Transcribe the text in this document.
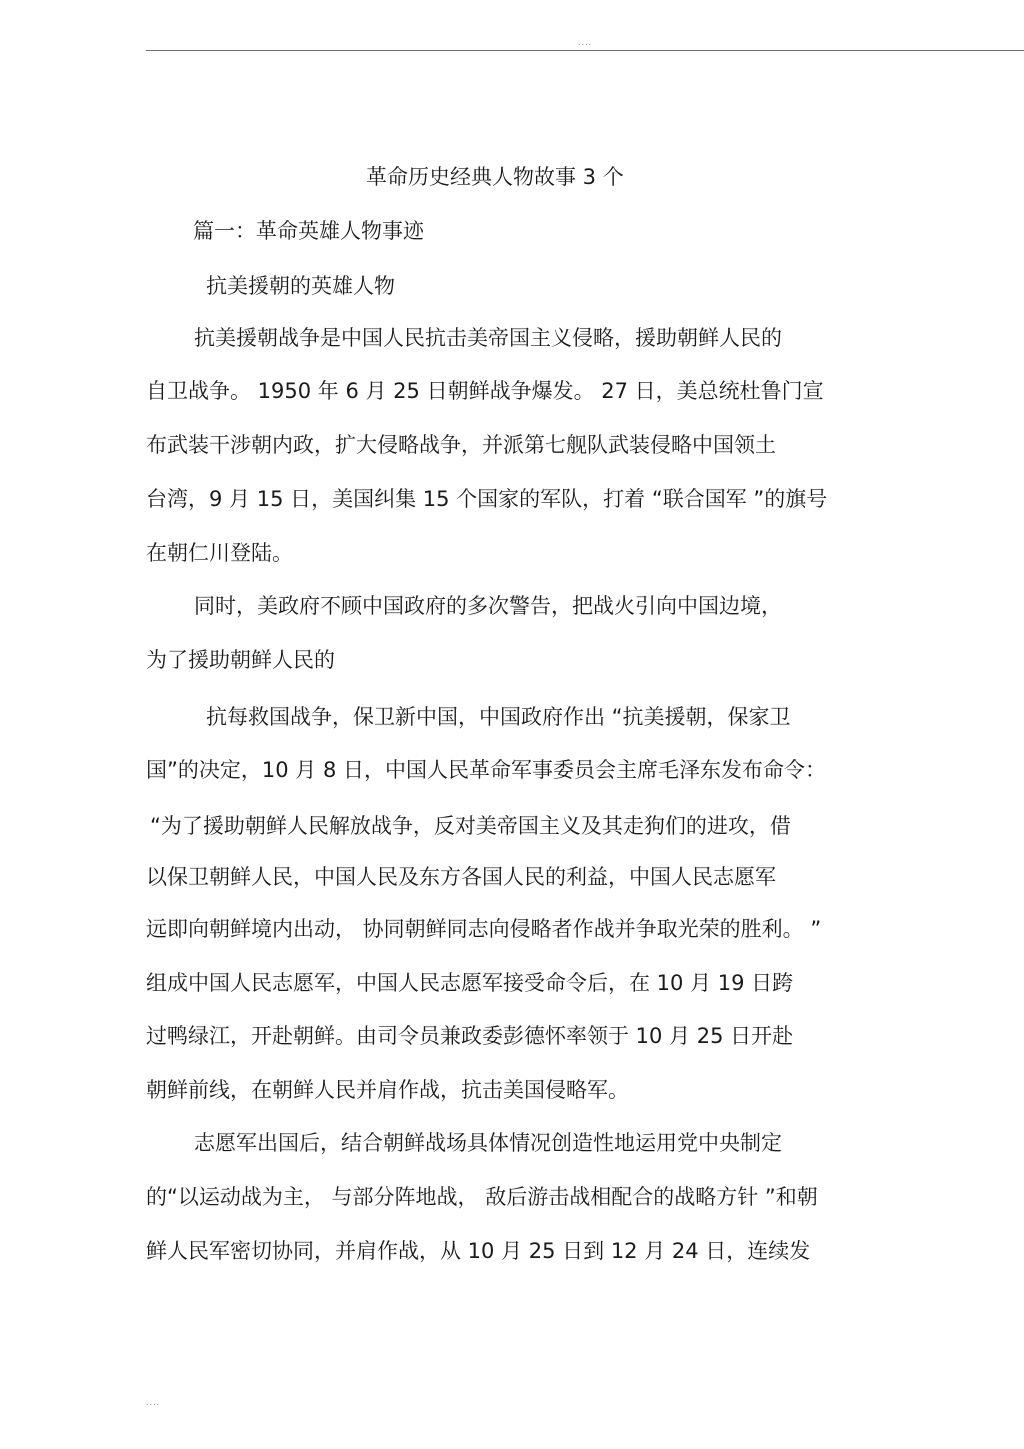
....
革命历史经典人物故事 3 个
篇一：革命英雄人物事迹
抗美援朝的英雄人物
抗美援朝战争是中国人民抗击美帝国主义侵略，援助朝鲜人民的
自卫战争。 1950 年 6 月 25 日朝鲜战争爆发。 27 日，美总统杜鲁门宣
布武装干涉朝内政，扩大侵略战争，并派第七舰队武装侵略中国领土
台湾，9 月 15 日，美国纠集 15 个国家的军队，打着 “联合国军 ”的旗号
在朝仁川登陆。
同时，美政府不顾中国政府的多次警告，把战火引向中国边境，
为了援助朝鲜人民的
抗每救国战争，保卫新中国，中国政府作出 “抗美援朝，保家卫
国”的决定，10 月 8 日，中国人民革命军事委员会主席毛泽东发布命令：
“为了援助朝鲜人民解放战争，反对美帝国主义及其走狗们的进攻，借
以保卫朝鲜人民，中国人民及东方各国人民的利益，中国人民志愿军
远即向朝鲜境内出动， 协同朝鲜同志向侵略者作战并争取光荣的胜利。 ”
组成中国人民志愿军，中国人民志愿军接受命令后，在 10 月 19 日跨
过鸭绿江，开赴朝鲜。由司令员兼政委彭德怀率领于 10 月 25 日开赴
朝鲜前线，在朝鲜人民并肩作战，抗击美国侵略军。
志愿军出国后，结合朝鲜战场具体情况创造性地运用党中央制定
的“以运动战为主， 与部分阵地战， 敌后游击战相配合的战略方针 ”和朝
鲜人民军密切协同，并肩作战，从 10 月 25 日到 12 月 24 日，连续发
....
